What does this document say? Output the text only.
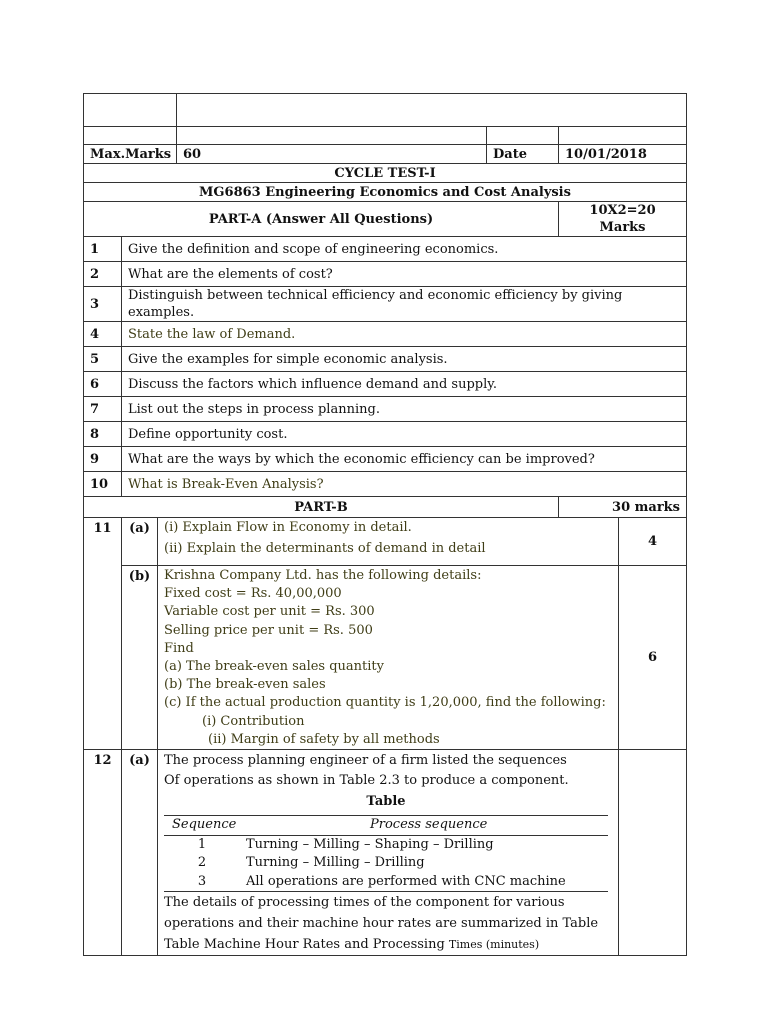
Max.Marks	60	Date	10/01/2018
CYCLE TEST-I
MG6863 Engineering Economics and Cost Analysis
PART-A (Answer All Questions)	10X2=20 Marks
1	Give the definition and scope of engineering economics.
2	What are the elements of cost?
3	Distinguish between technical efficiency and economic efficiency by giving examples.
4	State the law of Demand.
5	Give the examples for simple economic analysis.
6	Discuss the factors which influence demand and supply.
7	List out the steps in process planning.
8	Define opportunity cost.
9	What are the ways by which the economic efficiency can be improved?
10	What is Break-Even Analysis?
PART-B	30 marks
11	(a)	(i) Explain Flow in Economy in detail.
(ii) Explain the determinants of demand in detail	4
(b)	Krishna Company Ltd. has the following details:
Fixed cost = Rs. 40,00,000
Variable cost per unit = Rs. 300
Selling price per unit = Rs. 500
Find
(a) The break-even sales quantity
(b) The break-even sales
(c) If the actual production quantity is 1,20,000, find the following:
(i) Contribution
(ii) Margin of safety by all methods
	6
12	(a)	The process planning engineer of a firm listed the sequences
Of operations as shown in Table 2.3 to produce a component.
Table
Sequence	Process sequence
1	Turning – Milling – Shaping – Drilling
2	Turning – Milling – Drilling
3	All operations are performed with CNC machine
The details of processing times of the component for various
operations and their machine hour rates are summarized in Table
Table Machine Hour Rates and Processing Times (minutes)
